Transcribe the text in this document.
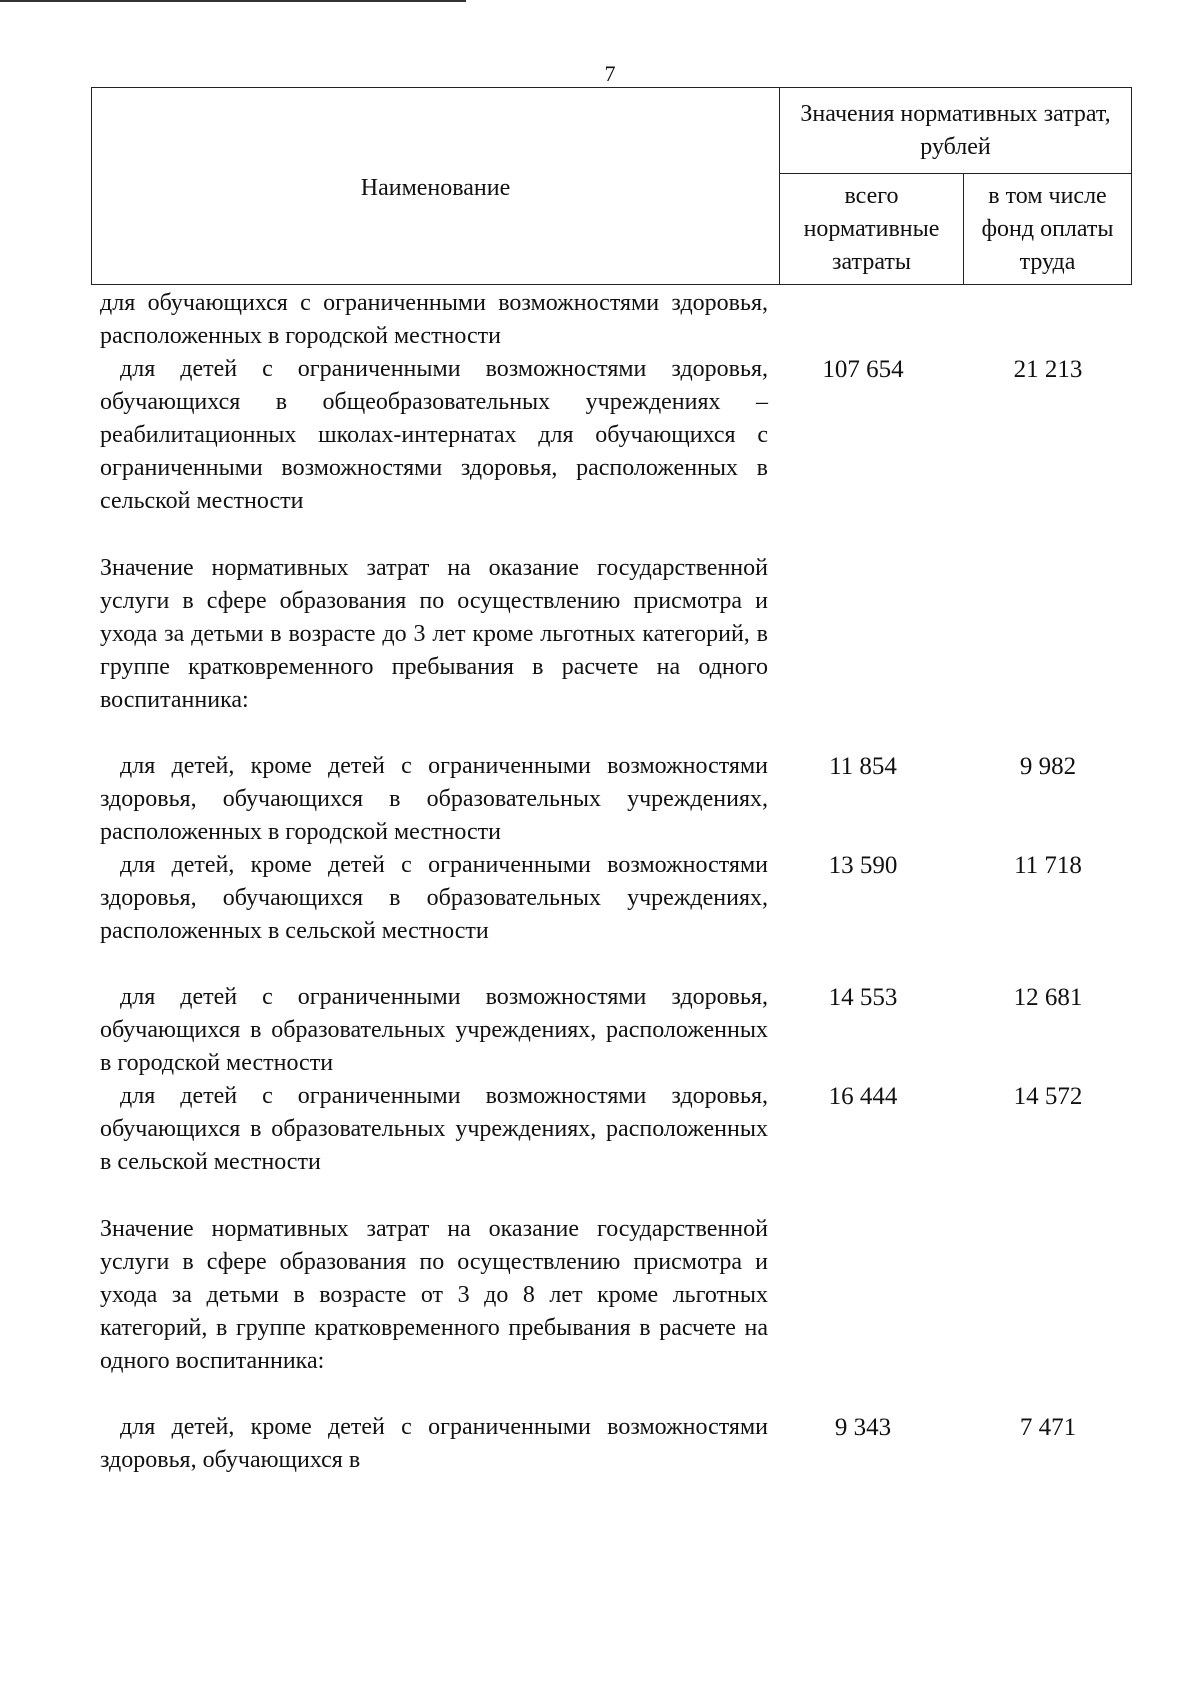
7
Наименование	Значения нормативных затрат, рублей	
	всего нормативные затраты	в том числе фонд оплаты труда
для обучающихся с ограниченными возможностями здоровья, расположенных в городской местности
для детей с ограниченными возможностями здоровья, обучающихся в общеобразовательных учреждениях – реабилитационных школах-интернатах для обучающихся с ограниченными возможностями здоровья, расположенных в сельской местности
107 654	21 213
Значение нормативных затрат на оказание государственной услуги в сфере образования по осуществлению присмотра и ухода за детьми в возрасте до 3 лет кроме льготных категорий, в группе кратковременного пребывания в расчете на одного воспитанника:
для детей, кроме детей с ограниченными возможностями здоровья, обучающихся в образовательных учреждениях, расположенных в городской местности
11 854	9 982
для детей, кроме детей с ограниченными возможностями здоровья, обучающихся в образовательных учреждениях, расположенных в сельской местности
13 590	11 718
для детей с ограниченными возможностями здоровья, обучающихся в образовательных учреждениях, расположенных в городской местности
14 553	12 681
для детей с ограниченными возможностями здоровья, обучающихся в образовательных учреждениях, расположенных в сельской местности
16 444	14 572
Значение нормативных затрат на оказание государственной услуги в сфере образования по осуществлению присмотра и ухода за детьми в возрасте от 3 до 8 лет кроме льготных категорий, в группе кратковременного пребывания в расчете на одного воспитанника:
для детей, кроме детей с ограниченными возможностями здоровья, обучающихся в
9 343	7 471
